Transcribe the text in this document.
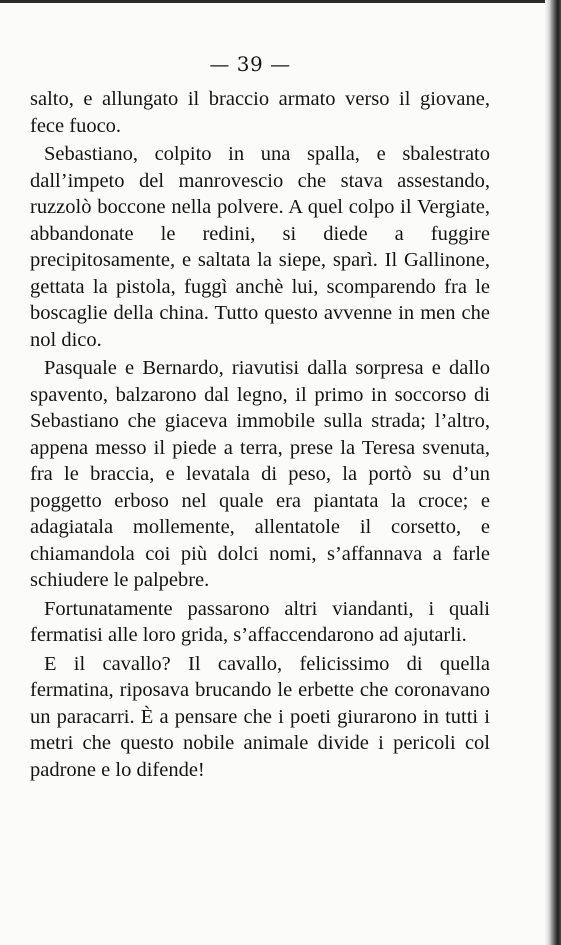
— 39 —

salto, e allungato il braccio armato verso il giovane, fece fuoco.

Sebastiano, colpito in una spalla, e sbalestrato dall’impeto del manrovescio che stava assestando, ruzzolò boccone nella polvere. A quel colpo il Vergiate, abbandonate le redini, si diede a fuggire precipitosamente, e saltata la siepe, sparì. Il Gallinone, gettata la pistola, fuggì anchè lui, scomparendo fra le boscaglie della china. Tutto questo avvenne in men che nol dico.

Pasquale e Bernardo, riavutisi dalla sorpresa e dallo spavento, balzarono dal legno, il primo in soccorso di Sebastiano che giaceva immobile sulla strada; l’altro, appena messo il piede a terra, prese la Teresa svenuta, fra le braccia, e levatala di peso, la portò su d’un poggetto erboso nel quale era piantata la croce; e adagiatala mollemente, allentatole il corsetto, e chiamandola coi più dolci nomi, s’affannava a farle schiudere le palpebre.

Fortunatamente passarono altri viandanti, i quali fermatisi alle loro grida, s’affaccendarono ad ajutarli.

E il cavallo? Il cavallo, felicissimo di quella fermatina, riposava brucando le erbette che coronavano un paracarri. È a pensare che i poeti giurarono in tutti i metri che questo nobile animale divide i pericoli col padrone e lo difende!
